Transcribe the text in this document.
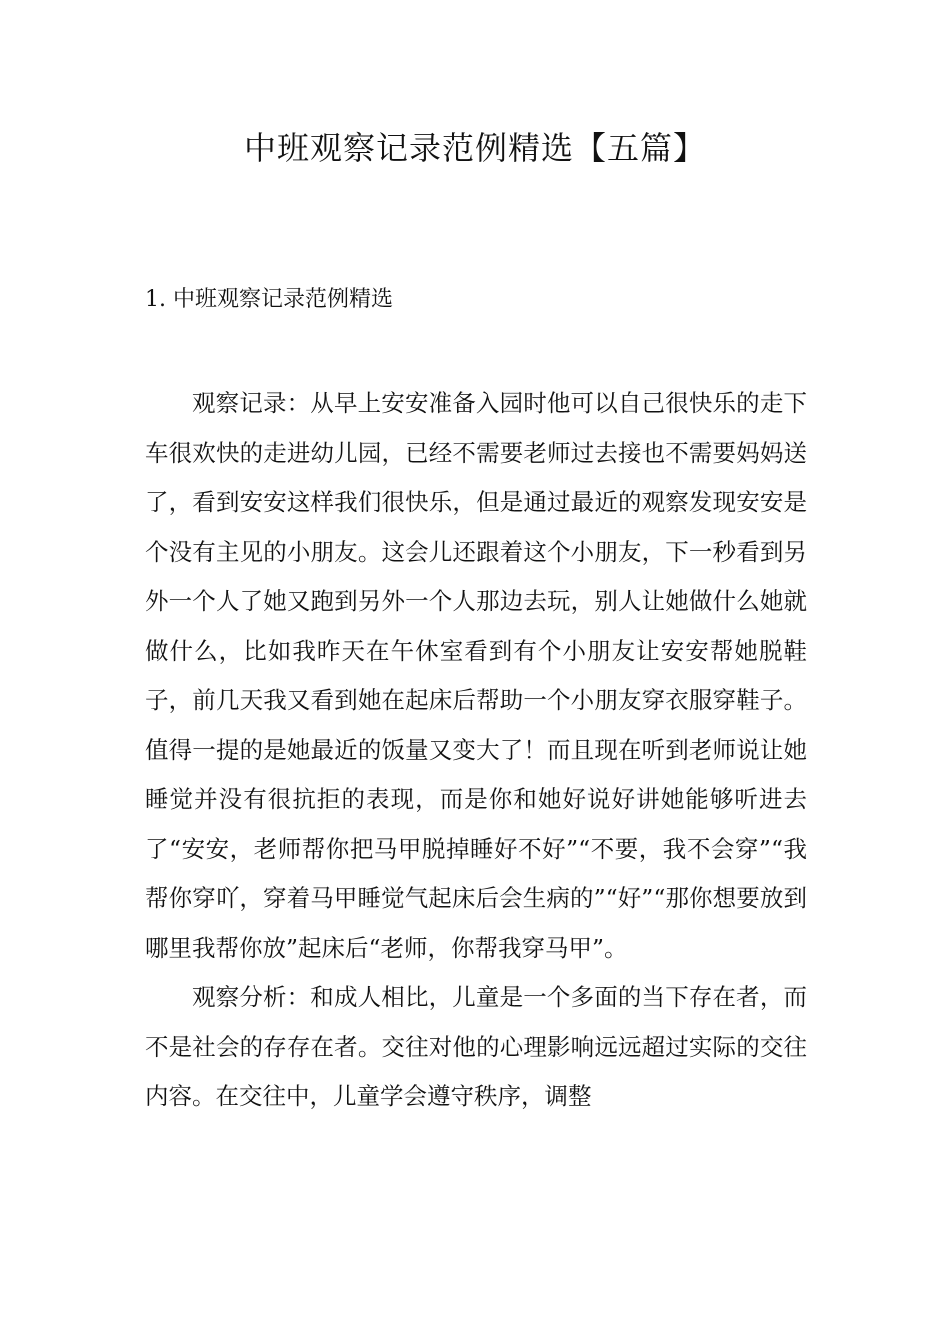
中班观察记录范例精选【五篇】
1. 中班观察记录范例精选

观察记录：从早上安安准备入园时他可以自己很快乐的走下车很欢快的走进幼儿园，已经不需要老师过去接也不需要妈妈送了，看到安安这样我们很快乐，但是通过最近的观察发现安安是个没有主见的小朋友。这会儿还跟着这个小朋友，下一秒看到另外一个人了她又跑到另外一个人那边去玩，别人让她做什么她就做什么，比如我昨天在午休室看到有个小朋友让安安帮她脱鞋子，前几天我又看到她在起床后帮助一个小朋友穿衣服穿鞋子。值得一提的是她最近的饭量又变大了！而且现在听到老师说让她睡觉并没有很抗拒的表现，而是你和她好说好讲她能够听进去了“安安，老师帮你把马甲脱掉睡好不好”“不要，我不会穿”“我帮你穿吖，穿着马甲睡觉气起床后会生病的”“好”“那你想要放到哪里我帮你放”起床后“老师，你帮我穿马甲”。

观察分析：和成人相比，儿童是一个多面的当下存在者，而不是社会的存存在者。交往对他的心理影响远远超过实际的交往内容。在交往中，儿童学会遵守秩序，调整
